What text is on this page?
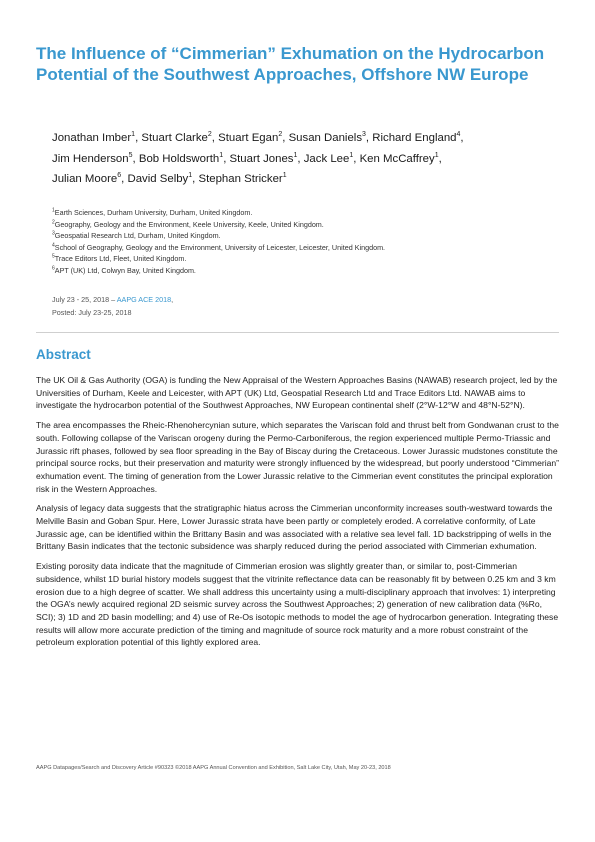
The Influence of “Cimmerian” Exhumation on the Hydrocarbon Potential of the Southwest Approaches, Offshore NW Europe
Jonathan Imber$^1$, Stuart Clarke$^2$, Stuart Egan$^2$, Susan Daniels$^3$, Richard England$^4$,
Jim Henderson$^5$, Bob Holdsworth$^1$, Stuart Jones$^1$, Jack Lee$^1$, Ken McCaffrey$^1$,
Julian Moore$^6$, David Selby$^1$, Stephan Stricker$^1$
$^1$Earth Sciences, Durham University, Durham, United Kingdom.
$^2$Geography, Geology and the Environment, Keele University, Keele, United Kingdom.
$^3$Geospatial Research Ltd, Durham, United Kingdom.
$^4$School of Geography, Geology and the Environment, University of Leicester, Leicester, United Kingdom.
$^5$Trace Editors Ltd, Fleet, United Kingdom.
$^6$APT (UK) Ltd, Colwyn Bay, United Kingdom.
July 23 - 25, 2018 – AAPG ACE 2018,
Posted: July 23-25, 2018
Abstract

The UK Oil & Gas Authority (OGA) is funding the New Appraisal of the Western Approaches Basins (NAWAB) research project, led by the Universities of Durham, Keele and Leicester, with APT (UK) Ltd, Geospatial Research Ltd and Trace Editors Ltd. NAWAB aims to investigate the hydrocarbon potential of the Southwest Approaches, NW European continental shelf (2°W-12°W and 48°N-52°N).

The area encompasses the Rheic-Rhenohercynian suture, which separates the Variscan fold and thrust belt from Gondwanan crust to the south. Following collapse of the Variscan orogeny during the Permo-Carboniferous, the region experienced multiple Permo-Triassic and Jurassic rift phases, followed by sea floor spreading in the Bay of Biscay during the Cretaceous. Lower Jurassic mudstones constitute the principal source rocks, but their preservation and maturity were strongly influenced by the widespread, but poorly understood “Cimmerian” exhumation event. The timing of generation from the Lower Jurassic relative to the Cimmerian event constitutes the principal exploration risk in the Western Approaches.

Analysis of legacy data suggests that the stratigraphic hiatus across the Cimmerian unconformity increases south-westward towards the Melville Basin and Goban Spur. Here, Lower Jurassic strata have been partly or completely eroded. A correlative conformity, of Late Jurassic age, can be identified within the Brittany Basin and was associated with a relative sea level fall. 1D backstripping of wells in the Brittany Basin indicates that the tectonic subsidence was sharply reduced during the period associated with Cimmerian exhumation.

Existing porosity data indicate that the magnitude of Cimmerian erosion was slightly greater than, or similar to, post-Cimmerian subsidence, whilst 1D burial history models suggest that the vitrinite reflectance data can be reasonably fit by between 0.25 km and 3 km erosion due to a high degree of scatter. We shall address this uncertainty using a multi-disciplinary approach that involves: 1) interpreting the OGA’s newly acquired regional 2D seismic survey across the Southwest Approaches; 2) generation of new calibration data (%Ro, SCI); 3) 1D and 2D basin modelling; and 4) use of Re-Os isotopic methods to model the age of hydrocarbon generation. Integrating these results will allow more accurate prediction of the timing and magnitude of source rock maturity and a more robust constraint of the petroleum exploration potential of this lightly explored area.

AAPG Datapages/Search and Discovery Article #90323 ©2018 AAPG Annual Convention and Exhibition, Salt Lake City, Utah, May 20-23, 2018
